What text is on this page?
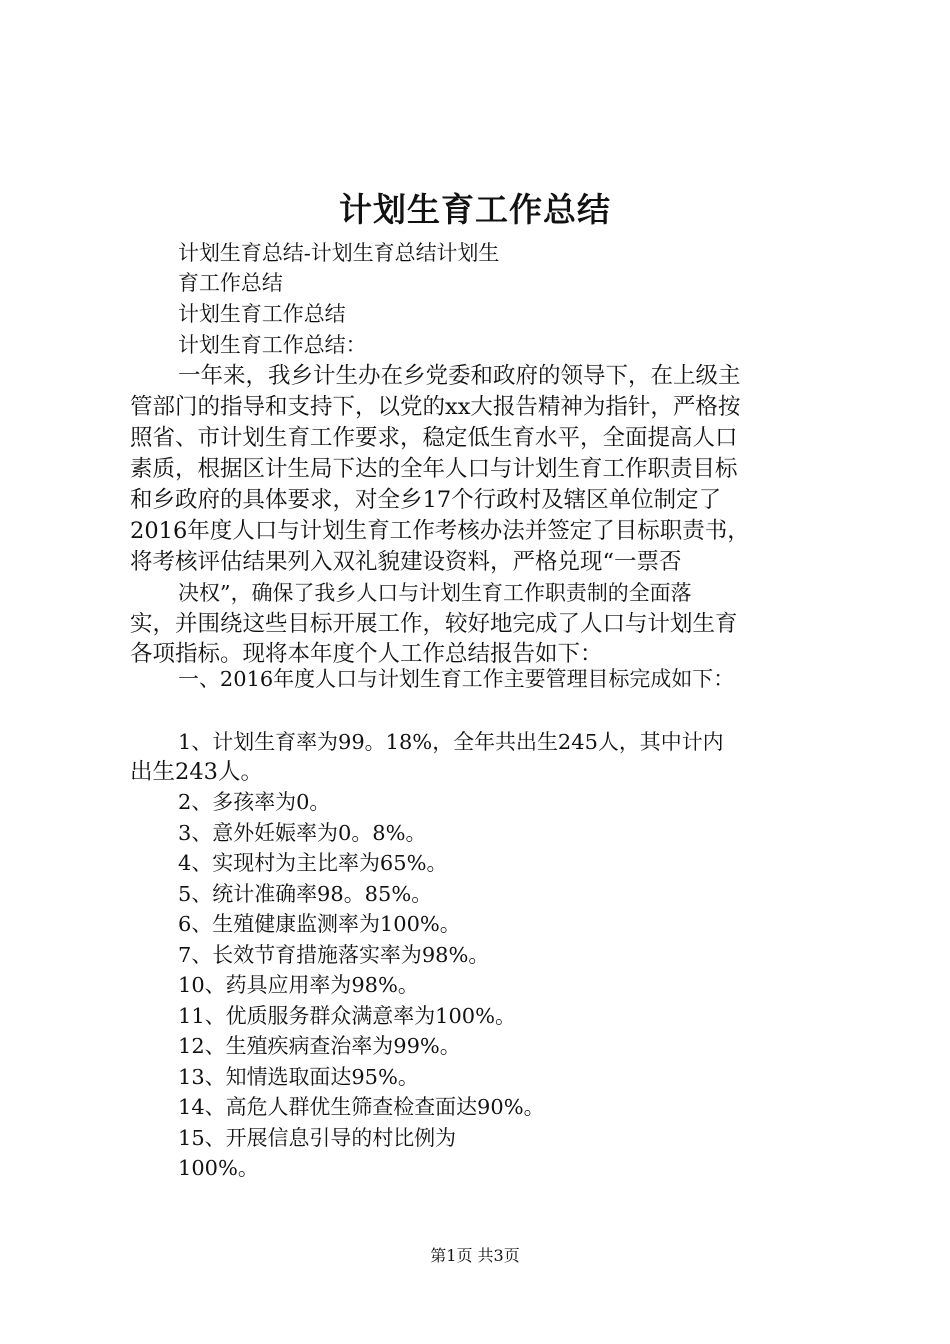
计划生育工作总结
计划生育总结-计划生育总结计划生
育工作总结
计划生育工作总结
计划生育工作总结：
一年来，我乡计生办在乡党委和政府的领导下，在上级主
管部门的指导和支持下，以党的xx大报告精神为指针，严格按
照省、市计划生育工作要求，稳定低生育水平，全面提高人口
素质，根据区计生局下达的全年人口与计划生育工作职责目标
和乡政府的具体要求，对全乡17个行政村及辖区单位制定了
2016年度人口与计划生育工作考核办法并签定了目标职责书，
将考核评估结果列入双礼貌建设资料，严格兑现“一票否
决权”，确保了我乡人口与计划生育工作职责制的全面落
实，并围绕这些目标开展工作，较好地完成了人口与计划生育
各项指标。现将本年度个人工作总结报告如下：
一、2016年度人口与计划生育工作主要管理目标完成如下：
1、计划生育率为99。18%，全年共出生245人，其中计内
出生243人。
2、多孩率为0。
3、意外妊娠率为0。8%。
4、实现村为主比率为65%。
5、统计准确率98。85%。
6、生殖健康监测率为100%。
7、长效节育措施落实率为98%。
10、药具应用率为98%。
11、优质服务群众满意率为100%。
12、生殖疾病查治率为99%。
13、知情选取面达95%。
14、高危人群优生筛查检查面达90%。
15、开展信息引导的村比例为
100%。
第1页 共3页
